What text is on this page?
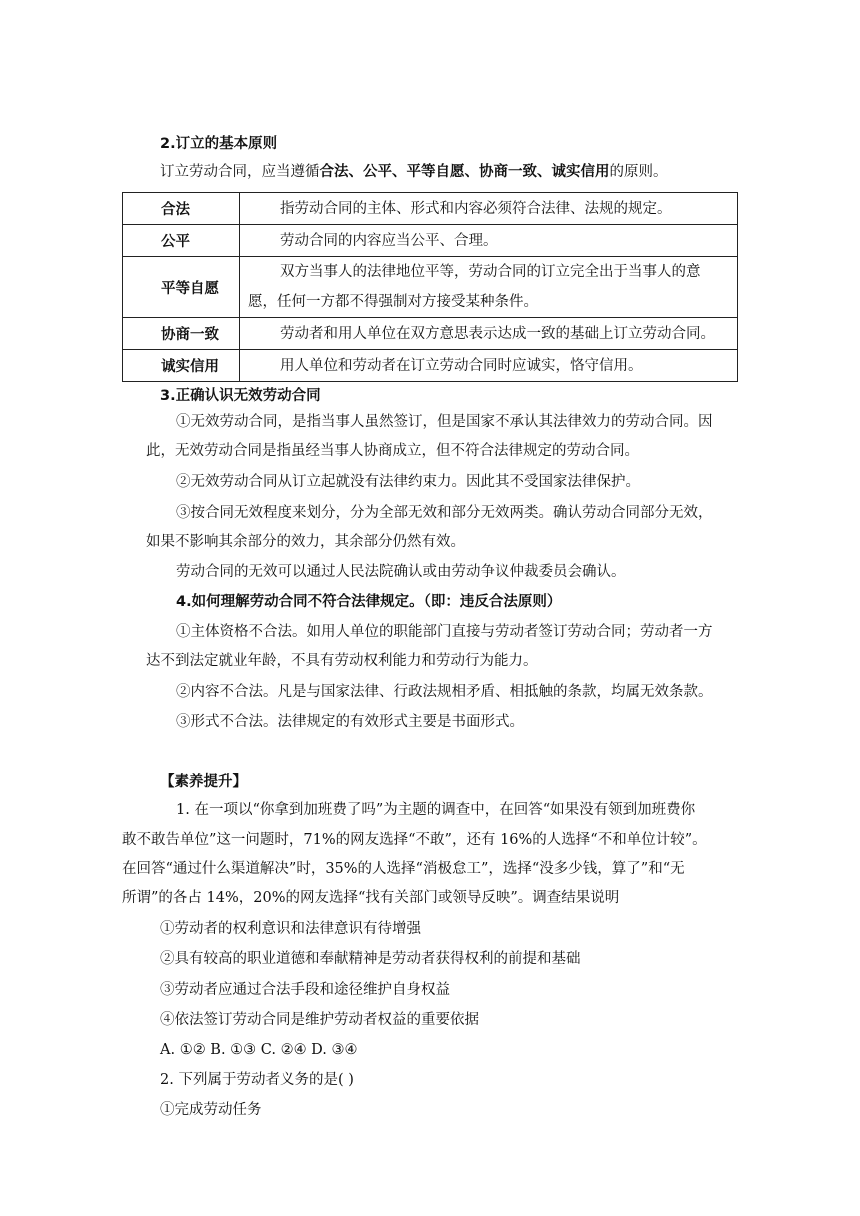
2.订立的基本原则
订立劳动合同，应当遵循合法、公平、平等自愿、协商一致、诚实信用的原则。
合法	指劳动合同的主体、形式和内容必须符合法律、法规的规定。
公平	劳动合同的内容应当公平、合理。
平等自愿	双方当事人的法律地位平等，劳动合同的订立完全出于当事人的意
愿，任何一方都不得强制对方接受某种条件。

协商一致	劳动者和用人单位在双方意思表示达成一致的基础上订立劳动合同。
诚实信用	用人单位和劳动者在订立劳动合同时应诚实，恪守信用。
3.正确认识无效劳动合同
①无效劳动合同，是指当事人虽然签订，但是国家不承认其法律效力的劳动合同。因
此，无效劳动合同是指虽经当事人协商成立，但不符合法律规定的劳动合同。
②无效劳动合同从订立起就没有法律约束力。因此其不受国家法律保护。
③按合同无效程度来划分，分为全部无效和部分无效两类。确认劳动合同部分无效，
如果不影响其余部分的效力，其余部分仍然有效。
劳动合同的无效可以通过人民法院确认或由劳动争议仲裁委员会确认。
4.如何理解劳动合同不符合法律规定。（即：违反合法原则）
①主体资格不合法。如用人单位的职能部门直接与劳动者签订劳动合同；劳动者一方
达不到法定就业年龄，不具有劳动权利能力和劳动行为能力。
②内容不合法。凡是与国家法律、行政法规相矛盾、相抵触的条款，均属无效条款。
③形式不合法。法律规定的有效形式主要是书面形式。
【素养提升】
1. 在一项以“你拿到加班费了吗”为主题的调查中，在回答“如果没有领到加班费你
敢不敢告单位”这一问题时，71%的网友选择“不敢”，还有 16%的人选择“不和单位计较”。
在回答“通过什么渠道解决”时，35%的人选择“消极怠工”，选择“没多少钱，算了”和“无
所谓”的各占 14%，20%的网友选择“找有关部门或领导反映”。调查结果说明
①劳动者的权利意识和法律意识有待增强
②具有较高的职业道德和奉献精神是劳动者获得权利的前提和基础
③劳动者应通过合法手段和途径维护自身权益
④依法签订劳动合同是维护劳动者权益的重要依据
A. ①② B. ①③ C. ②④ D. ③④
2. 下列属于劳动者义务的是( )
①完成劳动任务
